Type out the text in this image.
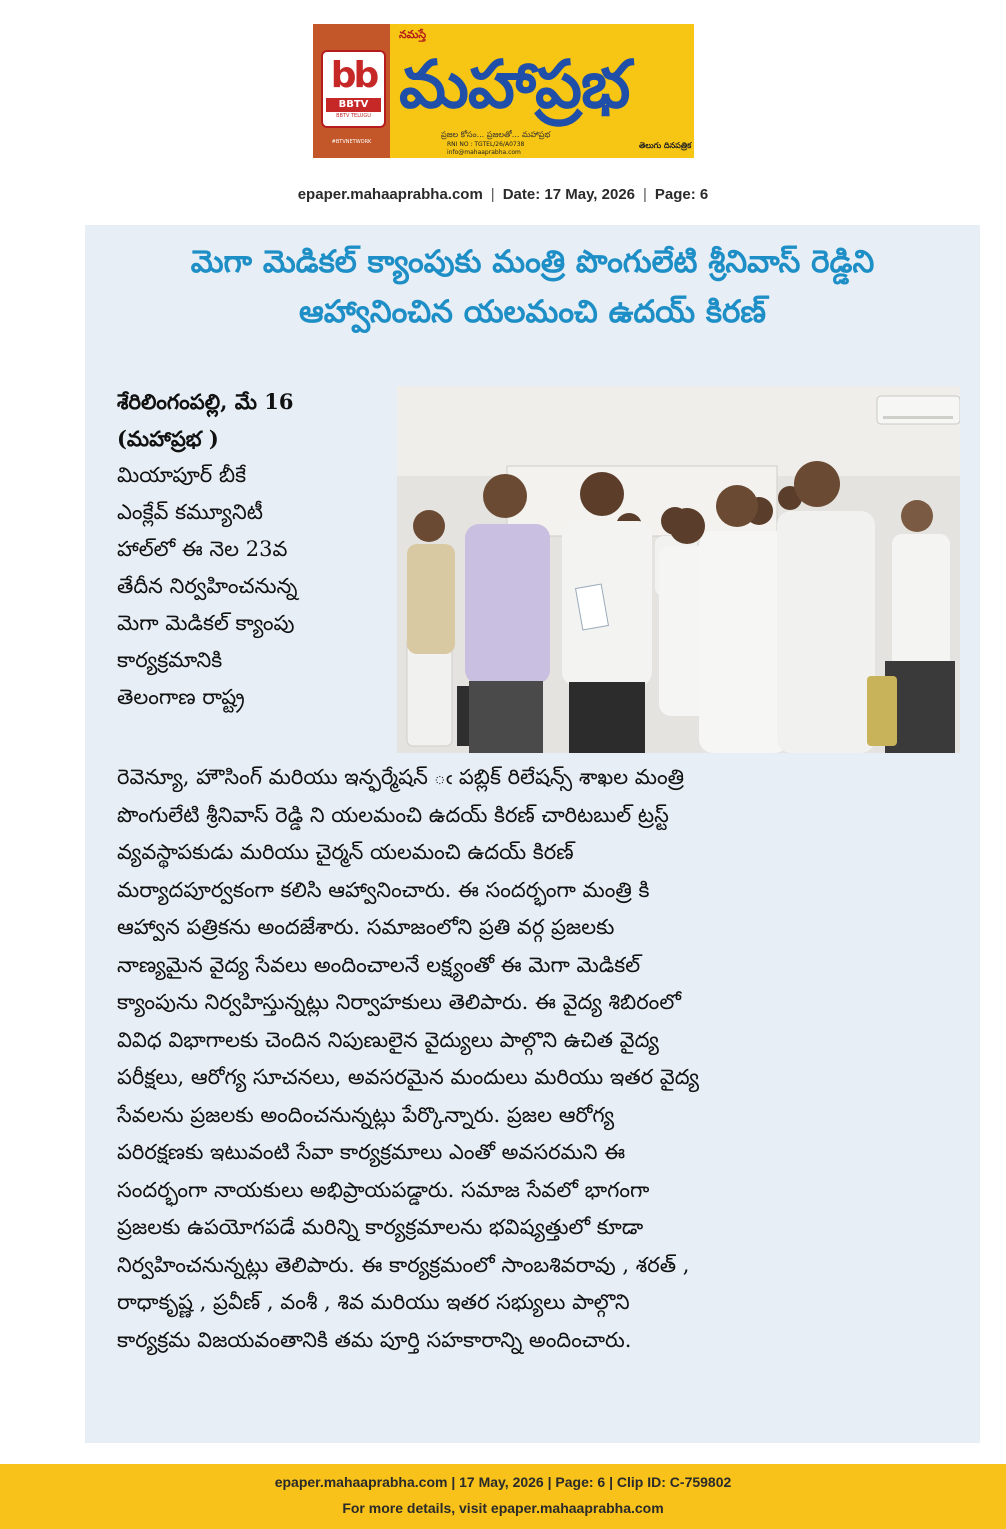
bb
BBTV
BBTV TELUGU
#BTVNETWORK
నమస్తే
మహాప్రభ
ప్రజల కోసం... ప్రజలతో... మహాప్రభ
RNI NO : TGTEL/26/A0738
info@mahaaprabha.com
తెలుగు దినపత్రిక
epaper.mahaaprabha.com | Date: 17 May, 2026 | Page: 6
మెగా మెడికల్ క్యాంపుకు మంత్రి పొంగులేటి శ్రీనివాస్ రెడ్డిని
ఆహ్వానించిన యలమంచి ఉదయ్ కిరణ్
శేరిలింగంపల్లి, మే 16
(మహాప్రభ )
మియాపూర్ బీకే
ఎంక్లేవ్ కమ్యూనిటీ
హాల్‌లో ఈ నెల 23వ
తేదీన నిర్వహించనున్న
మెగా మెడికల్ క్యాంపు
కార్యక్రమానికి
తెలంగాణ రాష్ట్ర
రెవెన్యూ, హౌసింగ్ మరియు ఇన్ఫర్మేషన్ ఁ పబ్లిక్ రిలేషన్స్ శాఖల మంత్రి
పొంగులేటి శ్రీనివాస్ రెడ్డి ని యలమంచి ఉదయ్ కిరణ్ చారిటబుల్ ట్రస్ట్
వ్యవస్థాపకుడు మరియు చైర్మన్ యలమంచి ఉదయ్ కిరణ్
మర్యాదపూర్వకంగా కలిసి ఆహ్వానించారు. ఈ సందర్భంగా మంత్రి కి
ఆహ్వాన పత్రికను అందజేశారు. సమాజంలోని ప్రతి వర్గ ప్రజలకు
నాణ్యమైన వైద్య సేవలు అందించాలనే లక్ష్యంతో ఈ మెగా మెడికల్
క్యాంపును నిర్వహిస్తున్నట్లు నిర్వాహకులు తెలిపారు. ఈ వైద్య శిబిరంలో
వివిధ విభాగాలకు చెందిన నిపుణులైన వైద్యులు పాల్గొని ఉచిత వైద్య
పరీక్షలు, ఆరోగ్య సూచనలు, అవసరమైన మందులు మరియు ఇతర వైద్య
సేవలను ప్రజలకు అందించనున్నట్లు పేర్కొన్నారు. ప్రజల ఆరోగ్య
పరిరక్షణకు ఇటువంటి సేవా కార్యక్రమాలు ఎంతో అవసరమని ఈ
సందర్భంగా నాయకులు అభిప్రాయపడ్డారు. సమాజ సేవలో భాగంగా
ప్రజలకు ఉపయోగపడే మరిన్ని కార్యక్రమాలను భవిష్యత్తులో కూడా
నిర్వహించనున్నట్లు తెలిపారు. ఈ కార్యక్రమంలో సాంబశివరావు , శరత్ ,
రాధాకృష్ణ , ప్రవీణ్ , వంశీ , శివ మరియు ఇతర సభ్యులు పాల్గొని
కార్యక్రమ విజయవంతానికి తమ పూర్తి సహకారాన్ని అందించారు.
epaper.mahaaprabha.com | 17 May, 2026 | Page: 6 | Clip ID: C-759802
For more details, visit epaper.mahaaprabha.com
